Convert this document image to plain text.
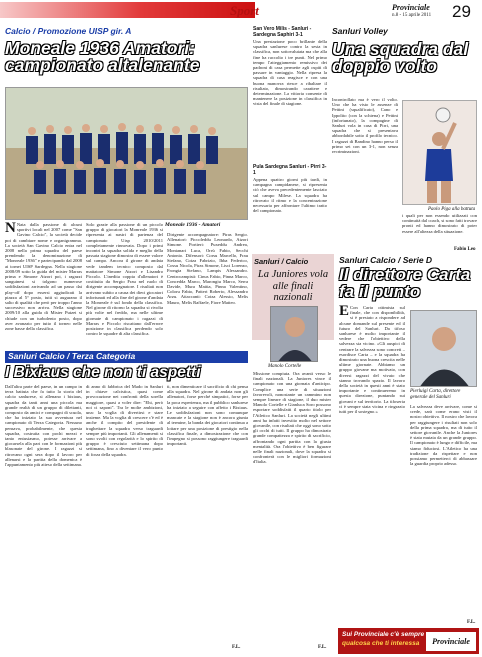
Sport	Provinciale
n.8 - 15 aprile 2011 29
Calcio / Promozione UISP gir. A
Moneale 1936 Amatori: campionato altalenante
Moneale 1936 - Amatori
N Nata dalla passione di alcuni sportivi locali nel 2007 come "San Gavino Calcio", la società decide poi di cambiare nome e organigramma. La società San Gavino Calcio entra nel 2008 nella prima squadra del paese prendendo la denominazione di "Monreale 1936" e partecipando dal 2008 ai tornei UISP Sardegna. Nella stagione 2008/09 sotto la guida del mister Marras prima e Simone Atzori poi, i ragazzi sanguinesi si tolgono numerose soddisfazioni arrivando ad un passo dai play-off dopo essersi aggiudicati la piazza al 5° posto, tutti si augurano il salto di qualità che però per troppo l'anno successivo non arriva. Nella stagione 2009/10 alla guida di Mister Putzei si chiude con un turbolento posto, dopo aver avanzato per tutto il torneo nelle zone basse della classifica.
Solo grazie alla passione di un piccolo gruppo di giocatori la Monreale 1936 si ripresenta ai nastri di partenza del campionato Uisp 2010/2011 completamente rinnovata. Dopo i primi incontri la squadra solida e meglio della passata stagione dimostra di essere valore sul campo. Ancora il girone di andata vede tandem tecnico composto dal mattatore Simone Atzori e Lisandro Piccolo. L'inedita coppia d'allenatori è costituita da Sergio Frau nel ruolo di dirigente accompagnatore. I risultati non arrivano subito a causa dei dieci giocatori infortunati ed alla fine del girone d'andata la Monreale è sul fondo della classifica. Nel girone di ritorno la squadra si rivolta più volte nel freddo, ma nelle ultime giornate di campionato i ragazzi di Marras e Piccolo riscattano dall'errore posizione in classifica perdendo solo contro le squadre di alta classifica.
Dirigente accompagnatore: Piras Sergio. Allenatori: Piccoleddu Leonardo, Atzori Simone. Portieri: Puxeddu Andrea, Montanari Luca, Orrù Fabio, Secchi Antonio. Difensori: Corsu Marcello, Frau Stefano, Cotza Fabrizio, Ibba Federico, Cossu Nicola, Piras Simone, Lisci Lorenzo, Frongia Stefano, Lampis Alessandro. Centrocampisti: Cinus Fabio, Pinna Marco, Concedda Marco, Marongiu Marco, Serra Davide, Mura Mattia, Pinna Valentino, Coloru Fabio, Patteri Roberto, Alessandro Arzu. Attaccanti: Cotza Alessio, Melis Mauro, Melis Raffaele, Fiore Matteo.
Sanluri Calcio / Terza Categoria
I Bixiaus che non ti aspetti
Dall'altra parte del paese, in un campo in terra battuta che fa tutto la storia del calcio sanlurese, si allenano i bixiaus, squadra da tanti anni una piccola ma grande realtà di un gruppo di dilettanti, composto da amici e compagni di scuola, che ha iniziato la sua avventura nel campionato di Terza Categoria. Nessuno pensava, probabilmente, che questa squadra, costruita con pochi mezzi e tanto entusiasmo, potesse arrivare a giocarsela alla pari con le formazioni più blasonate del girone. I ragazzi si ritrovano ogni sera dopo il lavoro per allenarsi e la partita della domenica è l'appuntamento più atteso della settimana.
di anno di fabbrica del Mado in Sanluri in chiave calcistica, quasi come provocazione nei confronti della sorella maggiore, quasi a voler dire: "Ehi, però noi ci saponi". Tra le molte ambizioni, una: la voglia di divertirsi e stare insieme. Ma la voglia di crescere c'è ed è anche il compito del presidente di traghettare la squadra verso traguardi sempre più importanti. Gli allenamenti si sono svolti con regolarità e lo spirito di gruppo è cresciuto settimana dopo settimana, fino a diventare il vero punto di forza della squadra.
ti, non dimenticare il sacrificio di chi pensa alla squadra. Nel girone di andata non gli allenatori, forse perché simpatici, forse per la poca esperienza, ma il pubblico sanlurese ha iniziato a seguire con affetto i Bixiaus. Le soddisfazioni non sono comunque mancate e la stagione non è ancora giunta al termine, la banda dei giocatori continua a lottare per una posizione di prestigio nella classifica finale, a dimostrazione che con l'impegno si possono raggiungere traguardi importanti.
F.L.
San Vero Milis - Sanluri - Sardegna Saphiri 3-1
Una prestazione poco brillante della squadra sanlurese contro la sesta in classifica, non sottovalutata ma che alla fine ha raccolto i tre punti. Nel primo tempo l'atteggiamento remissivo dei padroni di casa permette agli ospiti di passare in vantaggio. Nella ripresa la squadra di casa reagisce e con una buona manovra riesce a ribaltare il risultato, dimostrando carattere e determinazione. La vittoria consente di mantenere la posizione in classifica in vista del finale di stagione.
Pula Sardegna Sanluri - Pirri 3-1
Appena quattro giorni più tardi, in campagna campidanese, si ripresenta ciò che aveva precedentemente lasciato sul campo Milese. La squadra ha ritrovato il ritmo e la concentrazione necessaria per affrontare l'ultimo tratto del campionato.
Sanluri / Calcio
La Juniores vola alle finali nazionali
Manolo Cortelle
Missione compiuta. Ora avanti verso le finali nazionali. La Juniores vince il campionato con una giornata d'anticipo. Complice una serie di situazioni favorevoli, nonostante un cammino non sempre lineare di stagione, il duo mister Manolo Cortelle e Gianluca Soro possono esportare soddisfatti il quarto titolo per l'Atletico Sanluri. La società negli ultimi anni ha infatti investito molto nel settore giovanile, con risultati che oggi sono sotto gli occhi di tutti. Il gruppo ha dimostrato grande compattezza e spirito di sacrificio, affrontando ogni partita con la giusta mentalità. Ora l'obiettivo è ben figurare nelle finali nazionali, dove la squadra si confronterà con le migliori formazioni d'Italia.
F.L.
Sanluri Volley
Una squadra dal doppio volto
Incontrollato ma è vero il volto. Uno che ha visto le assenze di Pettini (squalificato), Cano e Ippolito (con la schiena) e Pettini (infortunato), la compagine di Sanluri vola in casa di Pirri, una squadra che si presentava abbordabile sotto il profilo tecnico. I ragazzi di Bandino hanno perso il primo set con un 3-1, non senza recriminazioni.
Paolo Piga alla battuta
i quali per non essendo utilizzati con continuità dal coach, si sono fatti trovare pronti ed hanno dimostrato di poter essere all'altezza della situazione.
Fabio Leo
Sanluri Calcio / Serie D
Il direttore Carta fa il punto
E Con Carta ottimista sul finale, che con disponibilità, si è prestato a rispondere ad alcune domande sul presente ed il futuro del Sanluri. Da tifoso sanlurese è molto importante il vedere che l'obiettivo della salvezza sia vicino. «Gli auspici di centrare la salvezza sono concreti – esordisce Carta – e la squadra ha dimostrato una buona crescita nelle ultime giornate. Abbiamo un gruppo giovane ma motivato, con diversi ragazzi del vivaio che stanno trovando spazio. Il lavoro della società in questi anni è stato importante e continueremo in questa direzione, puntando sui giovani e sul territorio. La tifoseria ci è sempre stata vicina e ringrazio tutti per il sostegno.»
Pierluigi Carta, direttore generale del Sanluri
La salvezza deve arrivare, come si crede, sarà come erano visti il nostro obiettivo. Il nostro che lavora per raggiungere i risultati non solo della prima squadra, ma di tutto il settore giovanile. Anche la Juniores è stata mutata da un grande gruppo. Il campionato è lungo e difficile, ma siamo fiduciosi. L'Atletico ha una tradizione da rispettare e non possiamo permetterci di abbassare la guardia proprio adesso.
F.L.
Sui Provinciale c'è sempre
qualcosa che ti interessa	Provinciale
